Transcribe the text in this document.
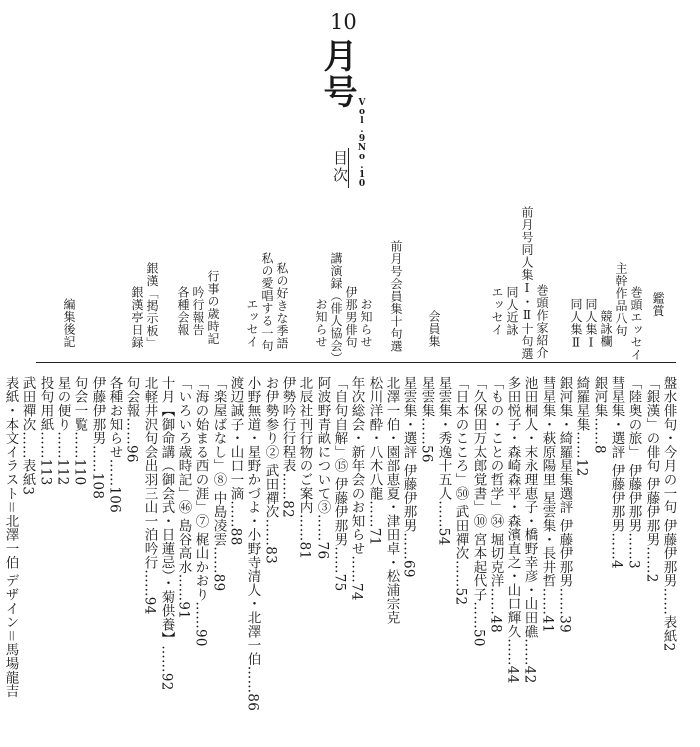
10
月号
Vol.9No.10
目次
鑑賞
巻頭エッセイ
主幹作品八句
競詠欄
同人集Ⅰ
同人集Ⅱ
巻頭作家紹介
前月号同人集Ⅰ・Ⅱ十句選
同人近詠
エッセイ
会員集
前月号会員集十句選
お知らせ
伊那男俳句
講演録（俳人協会）
お知らせ
私の好きな季語
私の愛唱する一句
エッセイ
行事の歳時記
吟行報告
各種会報
銀漢「掲示板」
銀漢亭日録
編集後記
盤水俳句・今月の一句 伊藤伊那男……表紙2
「銀漢」の俳句 伊藤伊那男……2
「陸奥の旅」 伊藤伊那男……3
彗星集・選評 伊藤伊那男……4
銀河集……8
綺羅星集……12
銀河集・綺羅星集選評 伊藤伊那男……39
彗星集・萩原陽里 星雲集・長井哲……41
池田桐人・末永理恵子・橋野幸彦・山田礁……42
多田悦子・森崎森平・森濱直之・山口輝久……44
「もの・ことの哲学」㉞ 堀切克洋……48
「久保田万太郎覚書」⑩ 宮本起代子……50
「日本のこころ」㊿ 武田禪次……52
星雲集・秀逸十五人……54
星雲集……56
星雲集・選評 伊藤伊那男……69
北澤一伯・園部恵夏・津田卓・松浦宗克
松川洋酔・八木八龍……71
年次総会・新年会のお知らせ……74
「自句自解」⑮ 伊藤伊那男……75
阿波野青畝について③……76
北辰社刊行物のご案内……81
伊勢吟行行程表……82
お伊勢参り② 武田禪次……83
小野無道・星野かづよ・小野寺清人・北澤一伯……86
渡辺誠子・山口一滴……88
「楽屋ばなし」⑧ 中島凌雲……89
「海の始まる西の涯」⑦ 梶山かおり……90
「いろいろ歳時記」㊻ 島谷高水……91
十月【御命講（御会式・日蓮忌）・菊供養】……92
北軽井沢句会出羽三山一泊吟行……94
句会報……96
各種お知らせ……106
伊藤伊那男……108
句会一覧……110
星の便り……112
投句用紙……113
武田禪次……表紙3
表紙・本文イラスト＝北澤一伯 デザイン＝馬場龍吉
